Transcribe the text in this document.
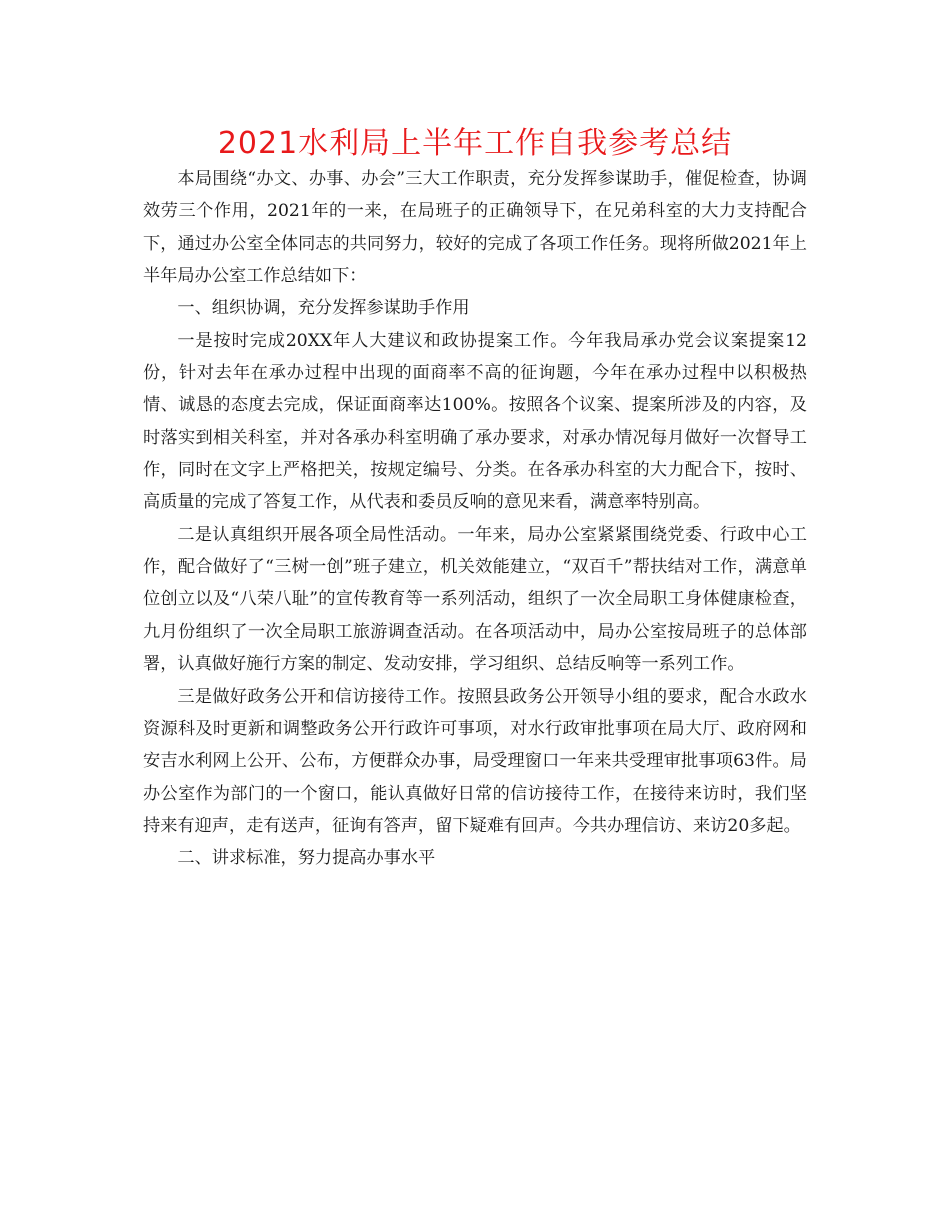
2021水利局上半年工作自我参考总结

本局围绕“办文、办事、办会”三大工作职责，充分发挥参谋助手，催促检查，协调效劳三个作用，2021年的一来，在局班子的正确领导下，在兄弟科室的大力支持配合下，通过办公室全体同志的共同努力，较好的完成了各项工作任务。现将所做2021年上半年局办公室工作总结如下：

一、组织协调，充分发挥参谋助手作用

一是按时完成20XX年人大建议和政协提案工作。今年我局承办党会议案提案12份，针对去年在承办过程中出现的面商率不高的征询题，今年在承办过程中以积极热情、诚恳的态度去完成，保证面商率达100%。按照各个议案、提案所涉及的内容，及时落实到相关科室，并对各承办科室明确了承办要求，对承办情况每月做好一次督导工作，同时在文字上严格把关，按规定编号、分类。在各承办科室的大力配合下，按时、高质量的完成了答复工作，从代表和委员反响的意见来看，满意率特别高。

二是认真组织开展各项全局性活动。一年来，局办公室紧紧围绕党委、行政中心工作，配合做好了“三树一创”班子建立，机关效能建立，“双百千”帮扶结对工作，满意单位创立以及“八荣八耻”的宣传教育等一系列活动，组织了一次全局职工身体健康检查，九月份组织了一次全局职工旅游调查活动。在各项活动中，局办公室按局班子的总体部署，认真做好施行方案的制定、发动安排，学习组织、总结反响等一系列工作。

三是做好政务公开和信访接待工作。按照县政务公开领导小组的要求，配合水政水资源科及时更新和调整政务公开行政许可事项，对水行政审批事项在局大厅、政府网和安吉水利网上公开、公布，方便群众办事，局受理窗口一年来共受理审批事项63件。局办公室作为部门的一个窗口，能认真做好日常的信访接待工作，在接待来访时，我们坚持来有迎声，走有送声，征询有答声，留下疑难有回声。今共办理信访、来访20多起。

二、讲求标准，努力提高办事水平
